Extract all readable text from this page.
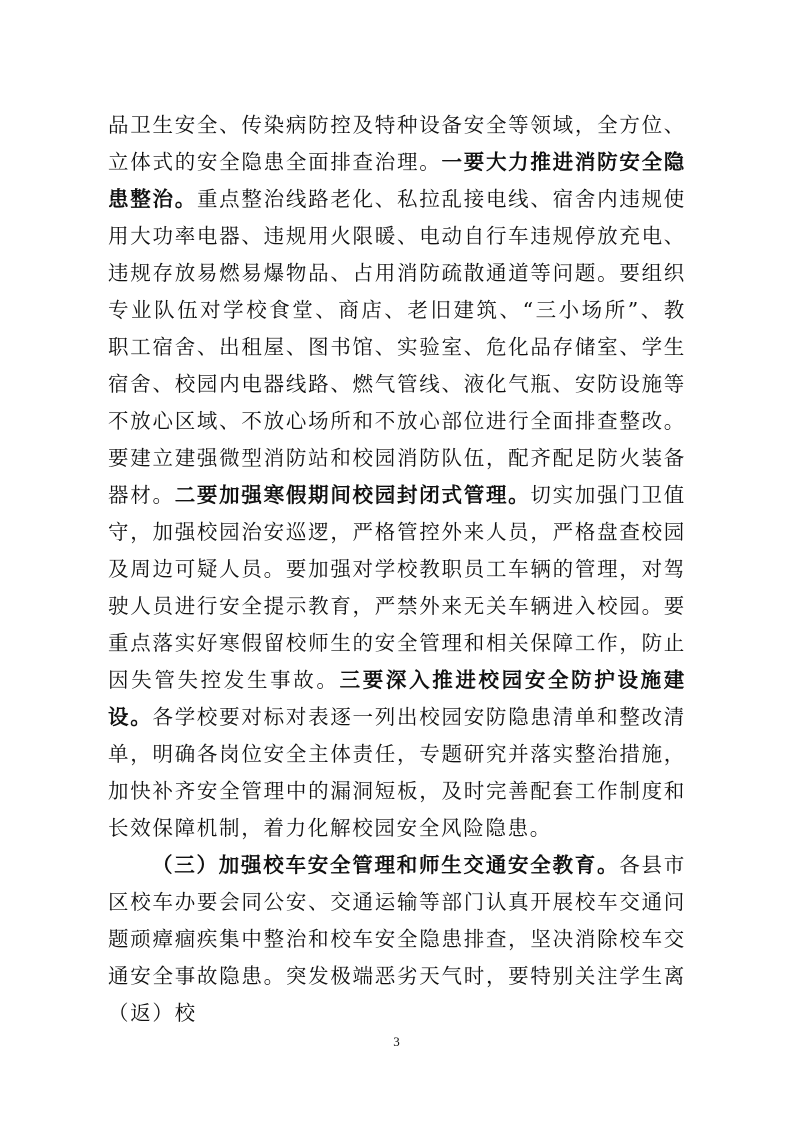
品卫生安全、传染病防控及特种设备安全等领域，全方位、立体式的安全隐患全面排查治理。一要大力推进消防安全隐患整治。重点整治线路老化、私拉乱接电线、宿舍内违规使用大功率电器、违规用火限暖、电动自行车违规停放充电、违规存放易燃易爆物品、占用消防疏散通道等问题。要组织专业队伍对学校食堂、商店、老旧建筑、“三小场所”、教职工宿舍、出租屋、图书馆、实验室、危化品存储室、学生宿舍、校园内电器线路、燃气管线、液化气瓶、安防设施等不放心区域、不放心场所和不放心部位进行全面排查整改。要建立建强微型消防站和校园消防队伍，配齐配足防火装备器材。二要加强寒假期间校园封闭式管理。切实加强门卫值守，加强校园治安巡逻，严格管控外来人员，严格盘查校园及周边可疑人员。要加强对学校教职员工车辆的管理，对驾驶人员进行安全提示教育，严禁外来无关车辆进入校园。要重点落实好寒假留校师生的安全管理和相关保障工作，防止因失管失控发生事故。三要深入推进校园安全防护设施建设。各学校要对标对表逐一列出校园安防隐患清单和整改清单，明确各岗位安全主体责任，专题研究并落实整治措施，加快补齐安全管理中的漏洞短板，及时完善配套工作制度和长效保障机制，着力化解校园安全风险隐患。

（三）加强校车安全管理和师生交通安全教育。各县市区校车办要会同公安、交通运输等部门认真开展校车交通问题顽瘴痼疾集中整治和校车安全隐患排查，坚决消除校车交通安全事故隐患。突发极端恶劣天气时，要特别关注学生离（返）校

3
